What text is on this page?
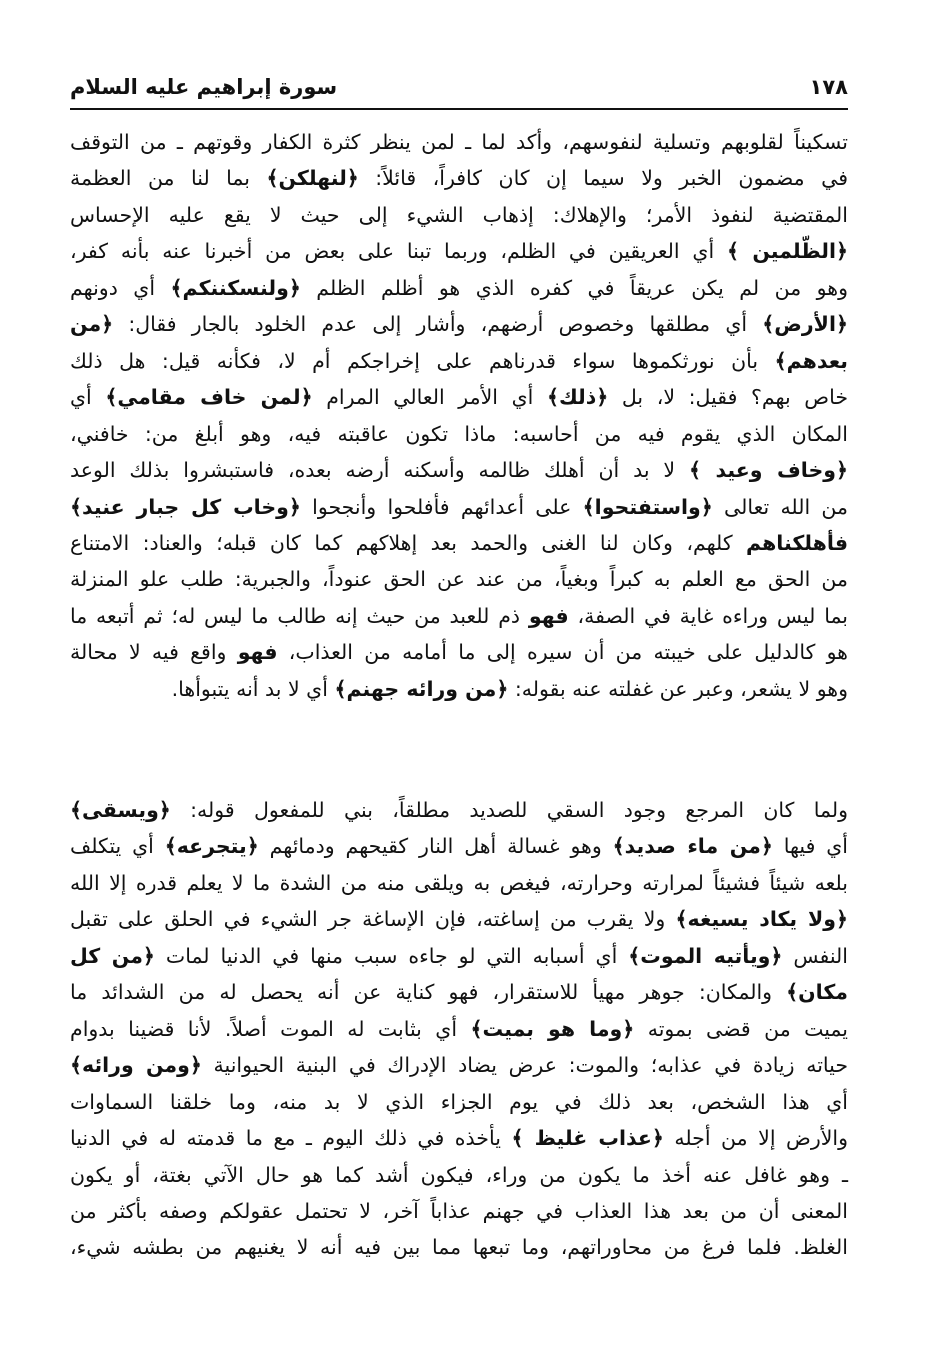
١٧٨
سورة إبراهيم عليه السلام
تسكيناً لقلوبهم وتسلية لنفوسهم، وأكد لما ـ لمن ينظر كثرة الكفار وقوتهم ـ من التوقف
في مضمون الخبر ولا سيما إن كان كافراً، قائلاً: ﴿لنهلكن﴾ بما لنا من العظمة
المقتضية لنفوذ الأمر؛ والإهلاك: إذهاب الشيء إلى حيث لا يقع عليه الإحساس
﴿الظّلمين ﴾ أي العريقين في الظلم، وربما تبنا على بعض من أخبرنا عنه بأنه كفر،
وهو من لم يكن عريقاً في كفره الذي هو أظلم الظلم ﴿ولنسكننكم﴾ أي دونهم
﴿الأرض﴾ أي مطلقها وخصوص أرضهم، وأشار إلى عدم الخلود بالجار فقال: ﴿من
بعدهم﴾ بأن نورثكموها سواء قدرناهم على إخراجكم أم لا، فكأنه قيل: هل ذلك
خاص بهم؟ فقيل: لا، بل ﴿ذلك﴾ أي الأمر العالي المرام ﴿لمن خاف مقامي﴾ أي
المكان الذي يقوم فيه من أحاسبه: ماذا تكون عاقبته فيه، وهو أبلغ من: خافني،
﴿وخاف وعيد ﴾ لا بد أن أهلك ظالمه وأسكنه أرضه بعده، فاستبشروا بذلك الوعد
من الله تعالى ﴿واستفتحوا﴾ على أعدائهم فأفلحوا وأنجحوا ﴿وخاب كل جبار عنيد﴾
فأهلكناهم كلهم، وكان لنا الغنى والحمد بعد إهلاكهم كما كان قبله؛ والعناد: الامتناع
من الحق مع العلم به كبراً وبغياً، من عند عن الحق عنوداً، والجبرية: طلب علو المنزلة
بما ليس وراءه غاية في الصفة، فهو ذم للعبد من حيث إنه طالب ما ليس له؛ ثم أتبعه ما
هو كالدليل على خيبته من أن سيره إلى ما أمامه من العذاب، فهو واقع فيه لا محالة
وهو لا يشعر، وعبر عن غفلته عنه بقوله: ﴿من ورائه جهنم﴾ أي لا بد أنه يتبوأها.
ولما كان المرجع وجود السقي للصديد مطلقاً، بني للمفعول قوله: ﴿ويسقى﴾
أي فيها ﴿من ماء صديد﴾ وهو غسالة أهل النار كقيحهم ودمائهم ﴿يتجرعه﴾ أي يتكلف
بلعه شيئاً فشيئاً لمرارته وحرارته، فيغص به ويلقى منه من الشدة ما لا يعلم قدره إلا الله
﴿ولا يكاد يسيغه﴾ ولا يقرب من إساغته، فإن الإساغة جر الشيء في الحلق على تقبل
النفس ﴿ويأتيه الموت﴾ أي أسبابه التي لو جاءه سبب منها في الدنيا لمات ﴿من كل
مكان﴾ والمكان: جوهر مهيأ للاستقرار، فهو كناية عن أنه يحصل له من الشدائد ما
يميت من قضى بموته ﴿وما هو بميت﴾ أي بثابت له الموت أصلاً. لأنا قضينا بدوام
حياته زيادة في عذابه؛ والموت: عرض يضاد الإدراك في البنية الحيوانية ﴿ومن ورائه﴾
أي هذا الشخص، بعد ذلك في يوم الجزاء الذي لا بد منه، وما خلقنا السماوات
والأرض إلا من أجله ﴿عذاب غليظ ﴾ يأخذه في ذلك اليوم ـ مع ما قدمته له في الدنيا
ـ وهو غافل عنه أخذ ما يكون من وراء، فيكون أشد كما هو حال الآتي بغتة، أو يكون
المعنى أن من بعد هذا العذاب في جهنم عذاباً آخر، لا تحتمل عقولكم وصفه بأكثر من
الغلظ. فلما فرغ من محاوراتهم، وما تبعها مما بين فيه أنه لا يغنيهم من بطشه شيء،
